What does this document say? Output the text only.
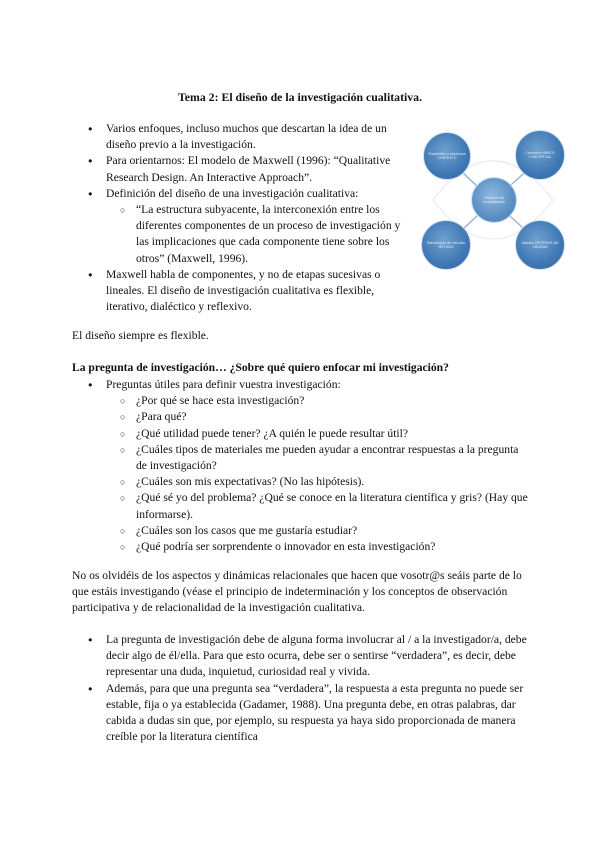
Tema 2: El diseño de la investigación cualitativa.
● Varios enfoques, incluso muchos que descartan la idea de un diseño previo a la investigación.
● Para orientarnos: El modelo de Maxwell (1996): “Qualitative Research Design. An Interactive Approach”.
● Definición del diseño de una investigación cualitativa:
○ “La estructura subyacente, la interconexión entre los diferentes componentes de un proceso de investigación y las implicaciones que cada componente tiene sobre los otros” (Maxwell, 1996).
● Maxwell habla de componentes, y no de etapas sucesivas o lineales. El diseño de investigación cualitativa es flexible, iterativo, dialéctico y reflexivo.
Propósitos y objetivos CONTEXTO
Contexto MARCO CONCEPTUAL
Pregunta de investigación
Estrategias de estudio MÉTODO
Validez CRITERIOS DE CALIDAD
El diseño siempre es flexible.
La pregunta de investigación… ¿Sobre qué quiero enfocar mi investigación?
● Preguntas útiles para definir vuestra investigación:
○ ¿Por qué se hace esta investigación?
○ ¿Para qué?
○ ¿Qué utilidad puede tener? ¿A quién le puede resultar útil?
○ ¿Cuáles tipos de materiales me pueden ayudar a encontrar respuestas a la pregunta de investigación?
○ ¿Cuáles son mis expectativas? (No las hipótesis).
○ ¿Qué sé yo del problema? ¿Qué se conoce en la literatura científica y gris? (Hay que informarse).
○ ¿Cuáles son los casos que me gustaría estudiar?
○ ¿Qué podría ser sorprendente o innovador en esta investigación?
No os olvidéis de los aspectos y dinámicas relacionales que hacen que vosotr@s seáis parte de lo que estáis investigando (véase el principio de indeterminación y los conceptos de observación participativa y de relacionalidad de la investigación cualitativa.
● La pregunta de investigación debe de alguna forma involucrar al / a la investigador/a, debe decir algo de él/ella. Para que esto ocurra, debe ser o sentirse “verdadera”, es decir, debe representar una duda, inquietud, curiosidad real y vivida.
● Además, para que una pregunta sea “verdadera”, la respuesta a esta pregunta no puede ser estable, fija o ya establecida (Gadamer, 1988). Una pregunta debe, en otras palabras, dar cabida a dudas sin que, por ejemplo, su respuesta ya haya sido proporcionada de manera creíble por la literatura científica
